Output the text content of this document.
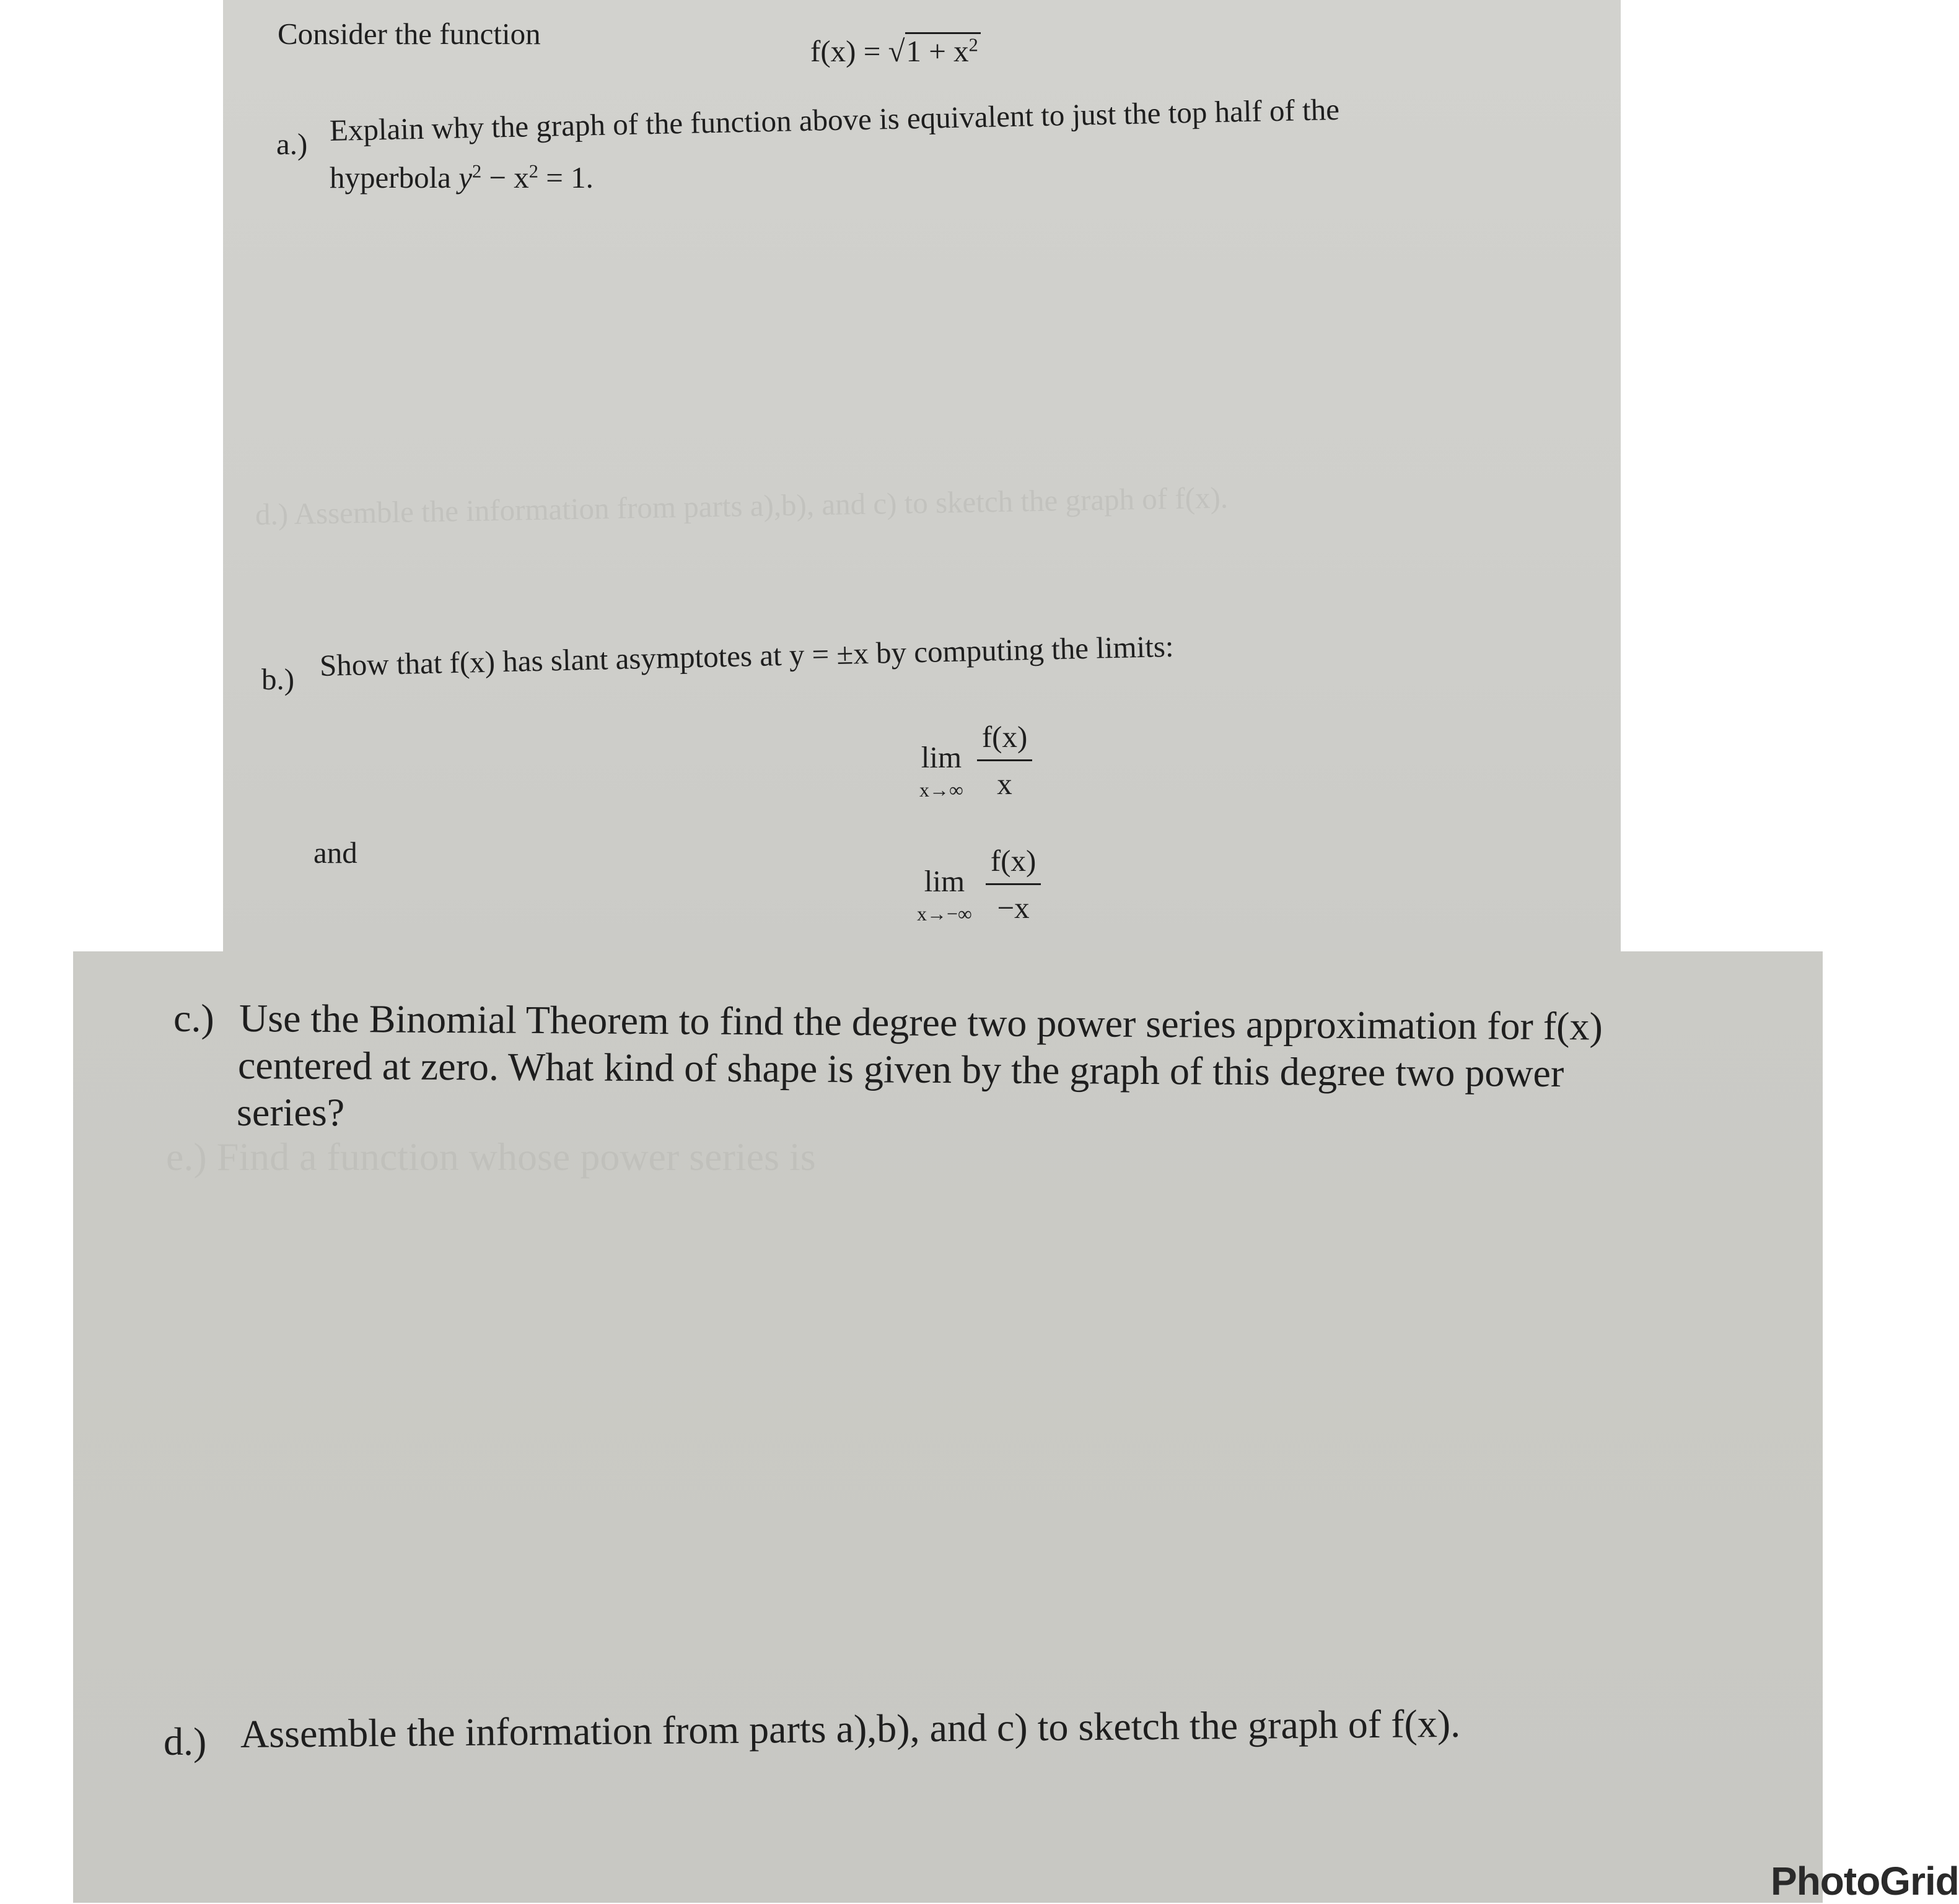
Consider the function
$f(x) = √1 + x^2$
a.) Explain why the graph of the function above is equivalent to just the top half of the
hyperbola $y^2 - x^2 = 1$.
d.) Assemble the information from parts a),b), and c) to sketch the graph of f(x).
b.) Show that f(x) has slant asymptotes at y = ±x by computing the limits:
lim
$x\to\infty \frac{f(x)}{x}$
and
lim
$x\to-\infty \frac{f(x)}{-x}$
c.) Use the Binomial Theorem to find the degree two power series approximation for f(x)
centered at zero. What kind of shape is given by the graph of this degree two power
series?
e.) Find a function whose power series is
d.) Assemble the information from parts a),b), and c) to sketch the graph of f(x).
PhotoGrid
